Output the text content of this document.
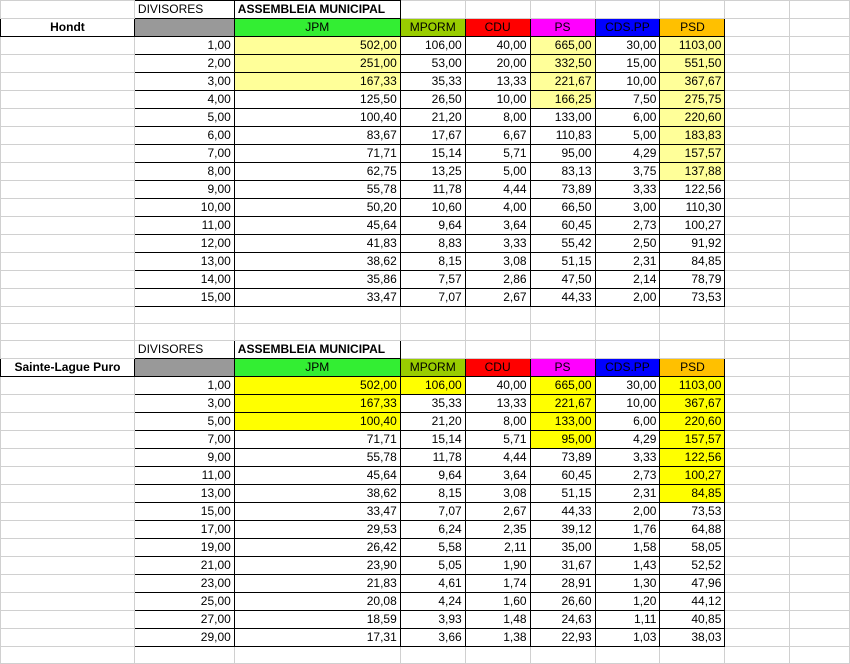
	DIVISORES	ASSEMBLEIA MUNICIPAL							
Hondt		JPM	MPORM	CDU	PS	CDS.PP	PSD		
	1,00	502,00	106,00	40,00	665,00	30,00	1103,00		
	2,00	251,00	53,00	20,00	332,50	15,00	551,50		
	3,00	167,33	35,33	13,33	221,67	10,00	367,67		
	4,00	125,50	26,50	10,00	166,25	7,50	275,75		
	5,00	100,40	21,20	8,00	133,00	6,00	220,60		
	6,00	83,67	17,67	6,67	110,83	5,00	183,83		
	7,00	71,71	15,14	5,71	95,00	4,29	157,57		
	8,00	62,75	13,25	5,00	83,13	3,75	137,88		
	9,00	55,78	11,78	4,44	73,89	3,33	122,56		
	10,00	50,20	10,60	4,00	66,50	3,00	110,30		
	11,00	45,64	9,64	3,64	60,45	2,73	100,27		
	12,00	41,83	8,83	3,33	55,42	2,50	91,92		
	13,00	38,62	8,15	3,08	51,15	2,31	84,85		
	14,00	35,86	7,57	2,86	47,50	2,14	78,79		
	15,00	33,47	7,07	2,67	44,33	2,00	73,53		

	DIVISORES	ASSEMBLEIA MUNICIPAL							
Sainte-Lague Puro		JPM	MPORM	CDU	PS	CDS.PP	PSD		
	1,00	502,00	106,00	40,00	665,00	30,00	1103,00		
	3,00	167,33	35,33	13,33	221,67	10,00	367,67		
	5,00	100,40	21,20	8,00	133,00	6,00	220,60		
	7,00	71,71	15,14	5,71	95,00	4,29	157,57		
	9,00	55,78	11,78	4,44	73,89	3,33	122,56		
	11,00	45,64	9,64	3,64	60,45	2,73	100,27		
	13,00	38,62	8,15	3,08	51,15	2,31	84,85		
	15,00	33,47	7,07	2,67	44,33	2,00	73,53		
	17,00	29,53	6,24	2,35	39,12	1,76	64,88		
	19,00	26,42	5,58	2,11	35,00	1,58	58,05		
	21,00	23,90	5,05	1,90	31,67	1,43	52,52		
	23,00	21,83	4,61	1,74	28,91	1,30	47,96		
	25,00	20,08	4,24	1,60	26,60	1,20	44,12		
	27,00	18,59	3,93	1,48	24,63	1,11	40,85		
	29,00	17,31	3,66	1,38	22,93	1,03	38,03		
